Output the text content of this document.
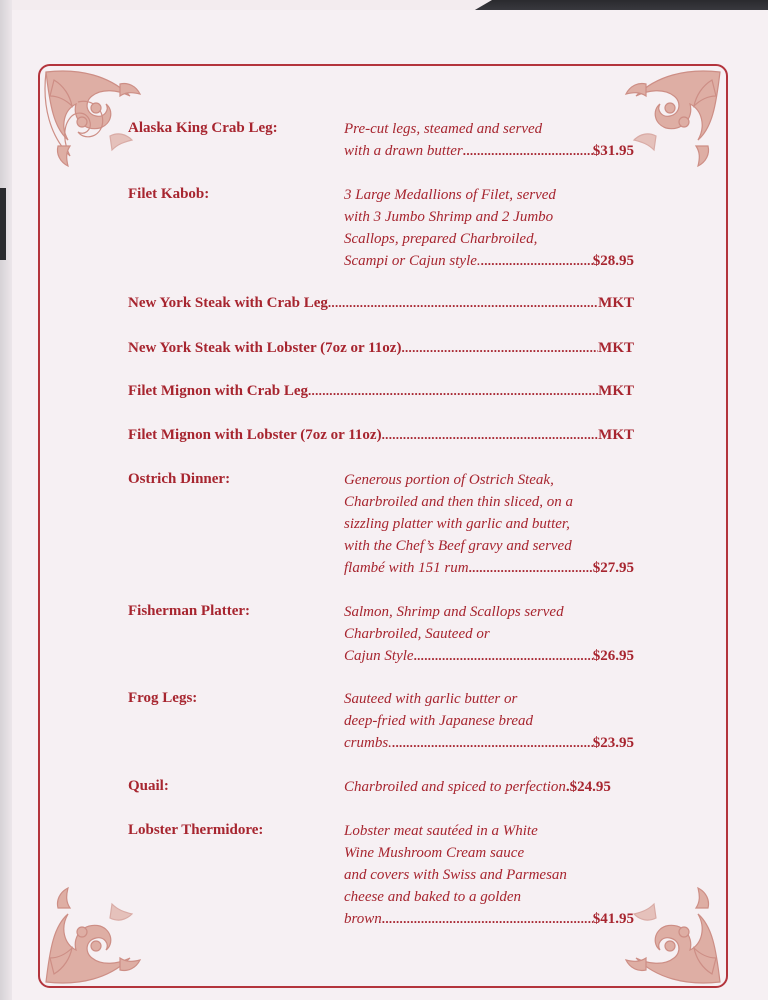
Alaska King Crab Leg:	Pre-cut legs, steamed and served
with a drawn butter .....	$31.95
Filet Kabob:	3 Large Medallions of Filet, served
with 3 Jumbo Shrimp and 2 Jumbo
Scallops, prepared Charbroiled,
Scampi or Cajun style. .....	$28.95
New York Steak with Crab Leg .....	MKT
New York Steak with Lobster (7oz or 11oz) .....	MKT
Filet Mignon with Crab Leg .....	MKT
Filet Mignon with Lobster (7oz or 11oz) .....	MKT
Ostrich Dinner:	Generous portion of Ostrich Steak,
Charbroiled and then thin sliced, on a
sizzling platter with garlic and butter,
with the Chef’s Beef gravy and served
flambé with 151 rum .....	$27.95
Fisherman Platter:	Salmon, Shrimp and Scallops served
Charbroiled, Sauteed or
Cajun Style .....	$26.95
Frog Legs:	Sauteed with garlic butter or
deep-fried with Japanese bread
crumbs. .....	$23.95
Quail:	Charbroiled and spiced to perfection .$24.95
Lobster Thermidore:	Lobster meat sautéed in a White
Wine Mushroom Cream sauce
and covers with Swiss and Parmesan
cheese and baked to a golden
brown .....	$41.95
